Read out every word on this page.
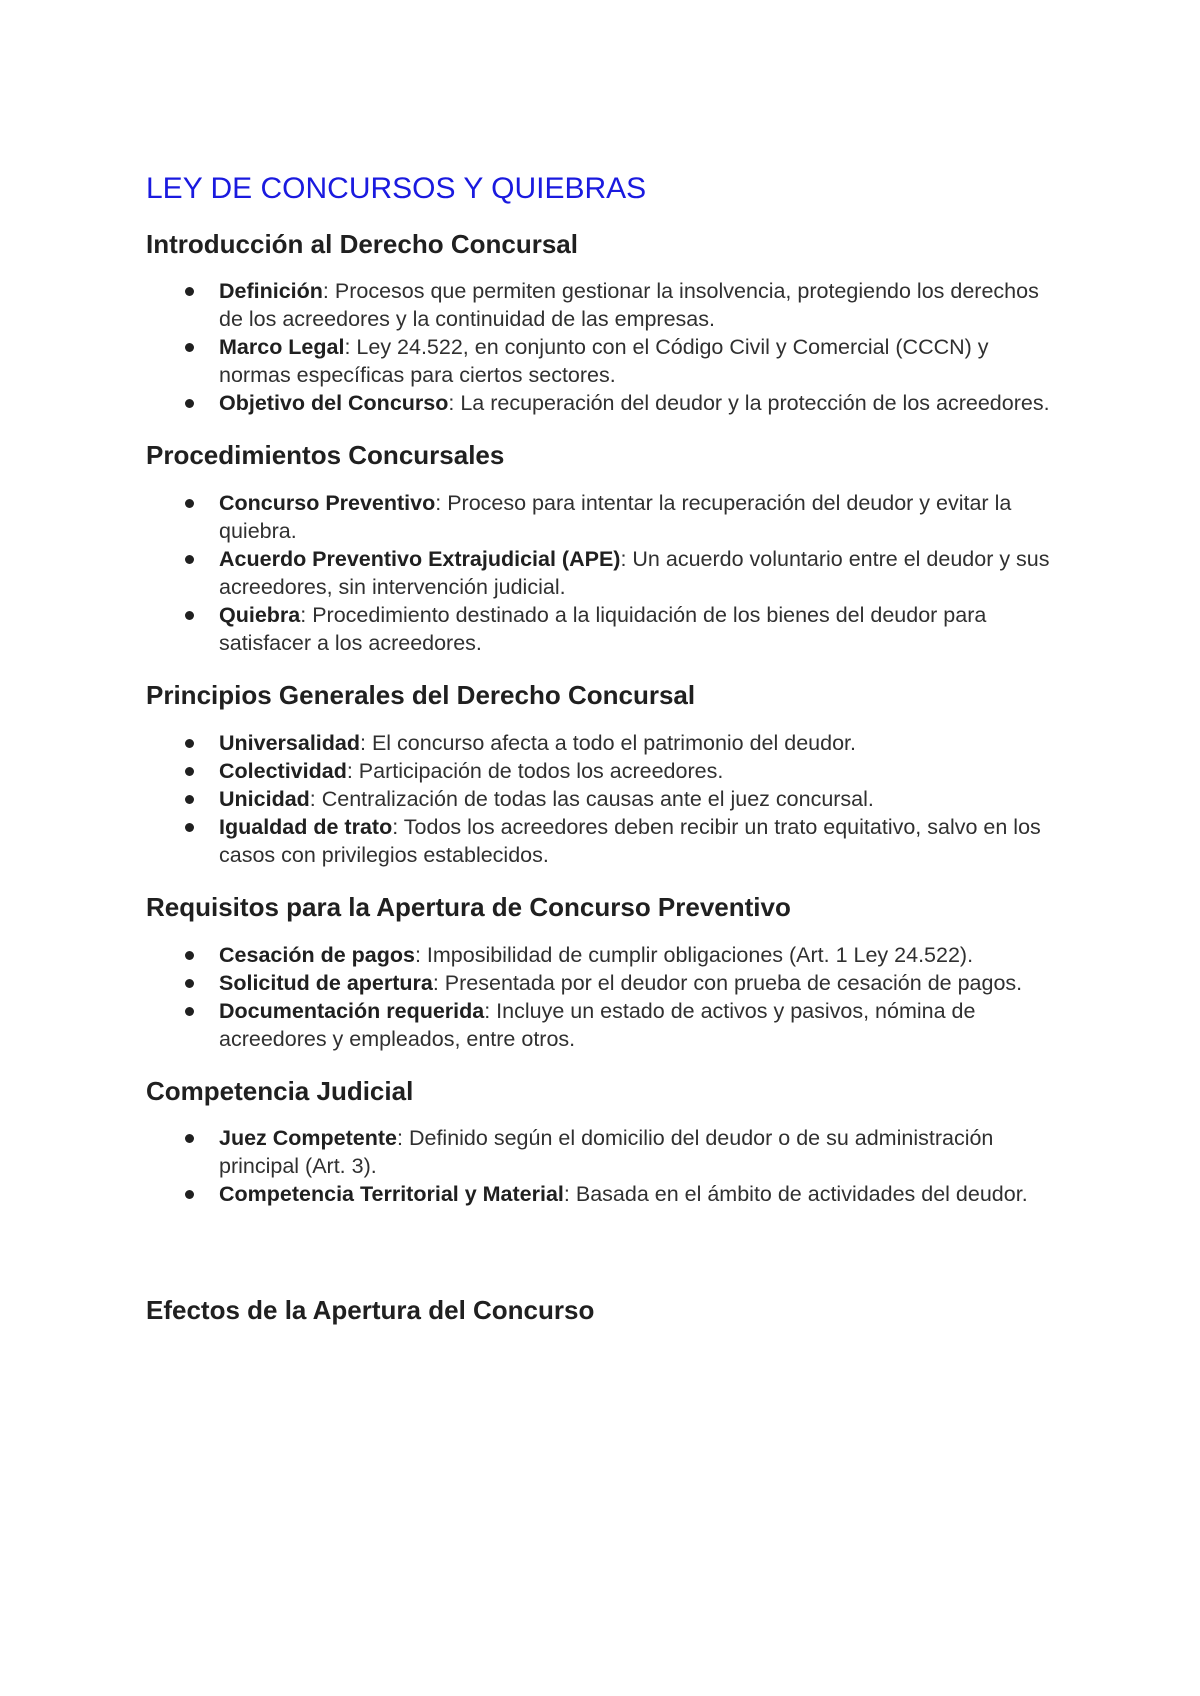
LEY DE CONCURSOS Y QUIEBRAS
Introducción al Derecho Concursal
Definición: Procesos que permiten gestionar la insolvencia, protegiendo los derechos de los acreedores y la continuidad de las empresas.
Marco Legal: Ley 24.522, en conjunto con el Código Civil y Comercial (CCCN) y normas específicas para ciertos sectores.
Objetivo del Concurso: La recuperación del deudor y la protección de los acreedores.
Procedimientos Concursales
Concurso Preventivo: Proceso para intentar la recuperación del deudor y evitar la quiebra.
Acuerdo Preventivo Extrajudicial (APE): Un acuerdo voluntario entre el deudor y sus acreedores, sin intervención judicial.
Quiebra: Procedimiento destinado a la liquidación de los bienes del deudor para satisfacer a los acreedores.
Principios Generales del Derecho Concursal
Universalidad: El concurso afecta a todo el patrimonio del deudor.
Colectividad: Participación de todos los acreedores.
Unicidad: Centralización de todas las causas ante el juez concursal.
Igualdad de trato: Todos los acreedores deben recibir un trato equitativo, salvo en los casos con privilegios establecidos.
Requisitos para la Apertura de Concurso Preventivo
Cesación de pagos: Imposibilidad de cumplir obligaciones (Art. 1 Ley 24.522).
Solicitud de apertura: Presentada por el deudor con prueba de cesación de pagos.
Documentación requerida: Incluye un estado de activos y pasivos, nómina de acreedores y empleados, entre otros.
Competencia Judicial
Juez Competente: Definido según el domicilio del deudor o de su administración principal (Art. 3).
Competencia Territorial y Material: Basada en el ámbito de actividades del deudor.
Efectos de la Apertura del Concurso
